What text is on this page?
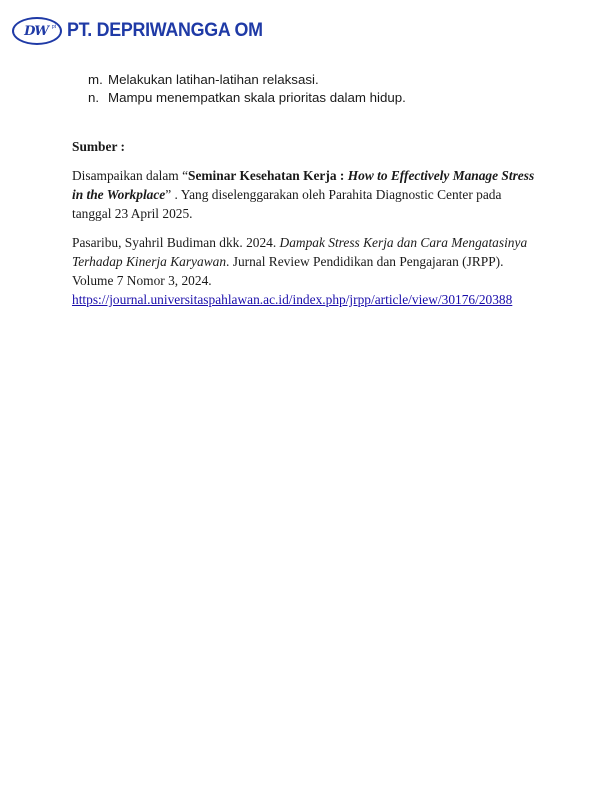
DW pt PT. DEPRIWANGGA OM
m. Melakukan latihan-latihan relaksasi.
n. Mampu menempatkan skala prioritas dalam hidup.
Sumber :

Disampaikan dalam “Seminar Kesehatan Kerja : How to Effectively Manage Stress in the Workplace” . Yang diselenggarakan oleh Parahita Diagnostic Center pada tanggal 23 April 2025.

Pasaribu, Syahril Budiman dkk. 2024. Dampak Stress Kerja dan Cara Mengatasinya Terhadap Kinerja Karyawan. Jurnal Review Pendidikan dan Pengajaran (JRPP). Volume 7 Nomor 3, 2024.

https://journal.universitaspahlawan.ac.id/index.php/jrpp/article/view/30176/20388
